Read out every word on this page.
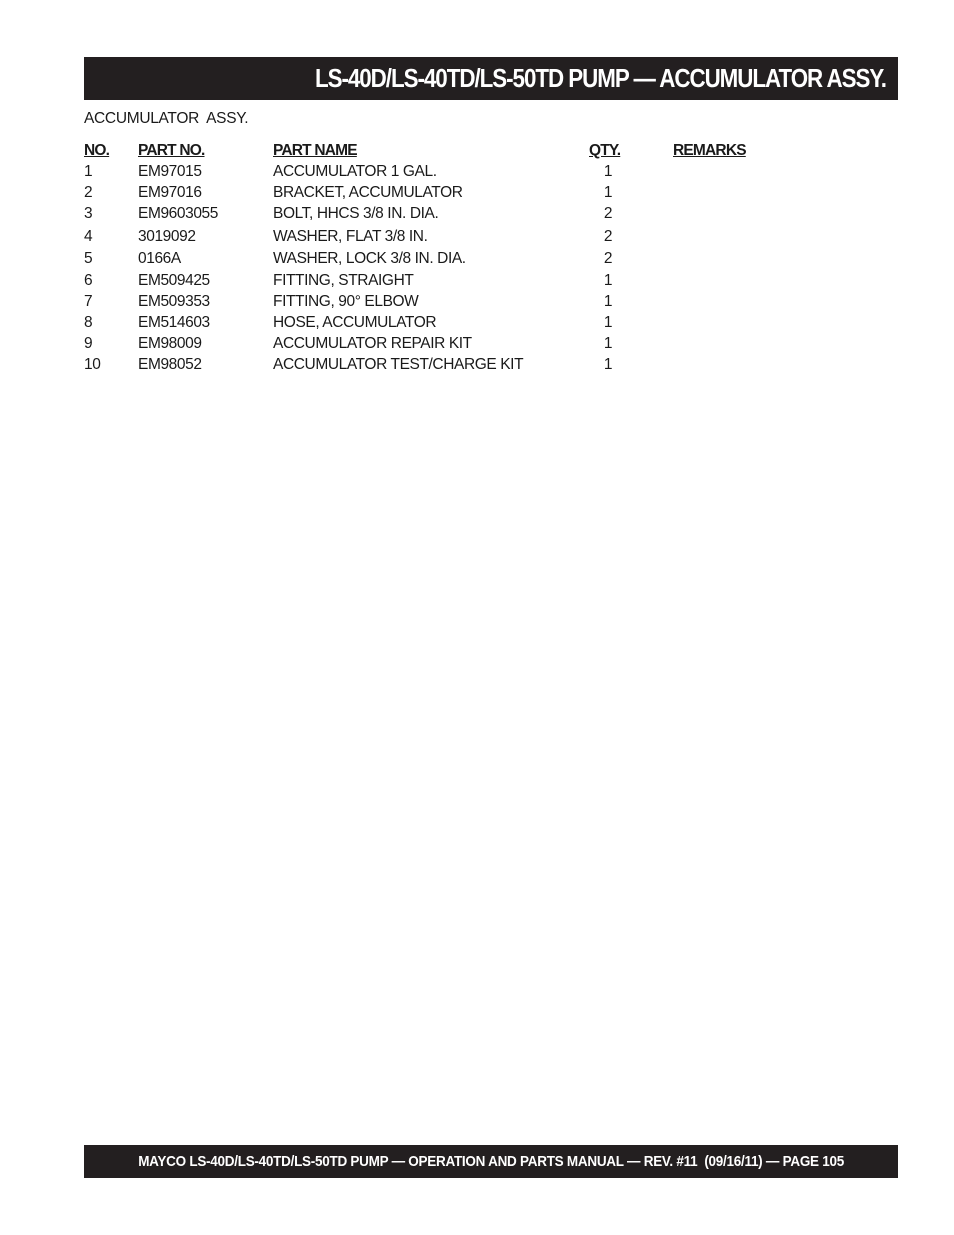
LS-40D/LS-40TD/LS-50TD PUMP — ACCUMULATOR ASSY.
ACCUMULATOR  ASSY.
NO. PART NO.	PART NAME	QTY.	REMARKS
1	EM97015	ACCUMULATOR 1 GAL.	1
2	EM97016	BRACKET, ACCUMULATOR	1
3	EM9603055	BOLT, HHCS 3/8 IN. DIA.	2
4	3019092	WASHER, FLAT 3/8 IN.	2
5	0166A	WASHER, LOCK 3/8 IN. DIA.	2
6	EM509425	FITTING, STRAIGHT	1
7	EM509353	FITTING, 90° ELBOW	1
8	EM514603	HOSE, ACCUMULATOR	1
9	EM98009	ACCUMULATOR REPAIR KIT	1
10 EM98052	ACCUMULATOR TEST/CHARGE KIT	1
MAYCO LS-40D/LS-40TD/LS-50TD PUMP — OPERATION AND PARTS MANUAL — REV. #11  (09/16/11) — PAGE 105
